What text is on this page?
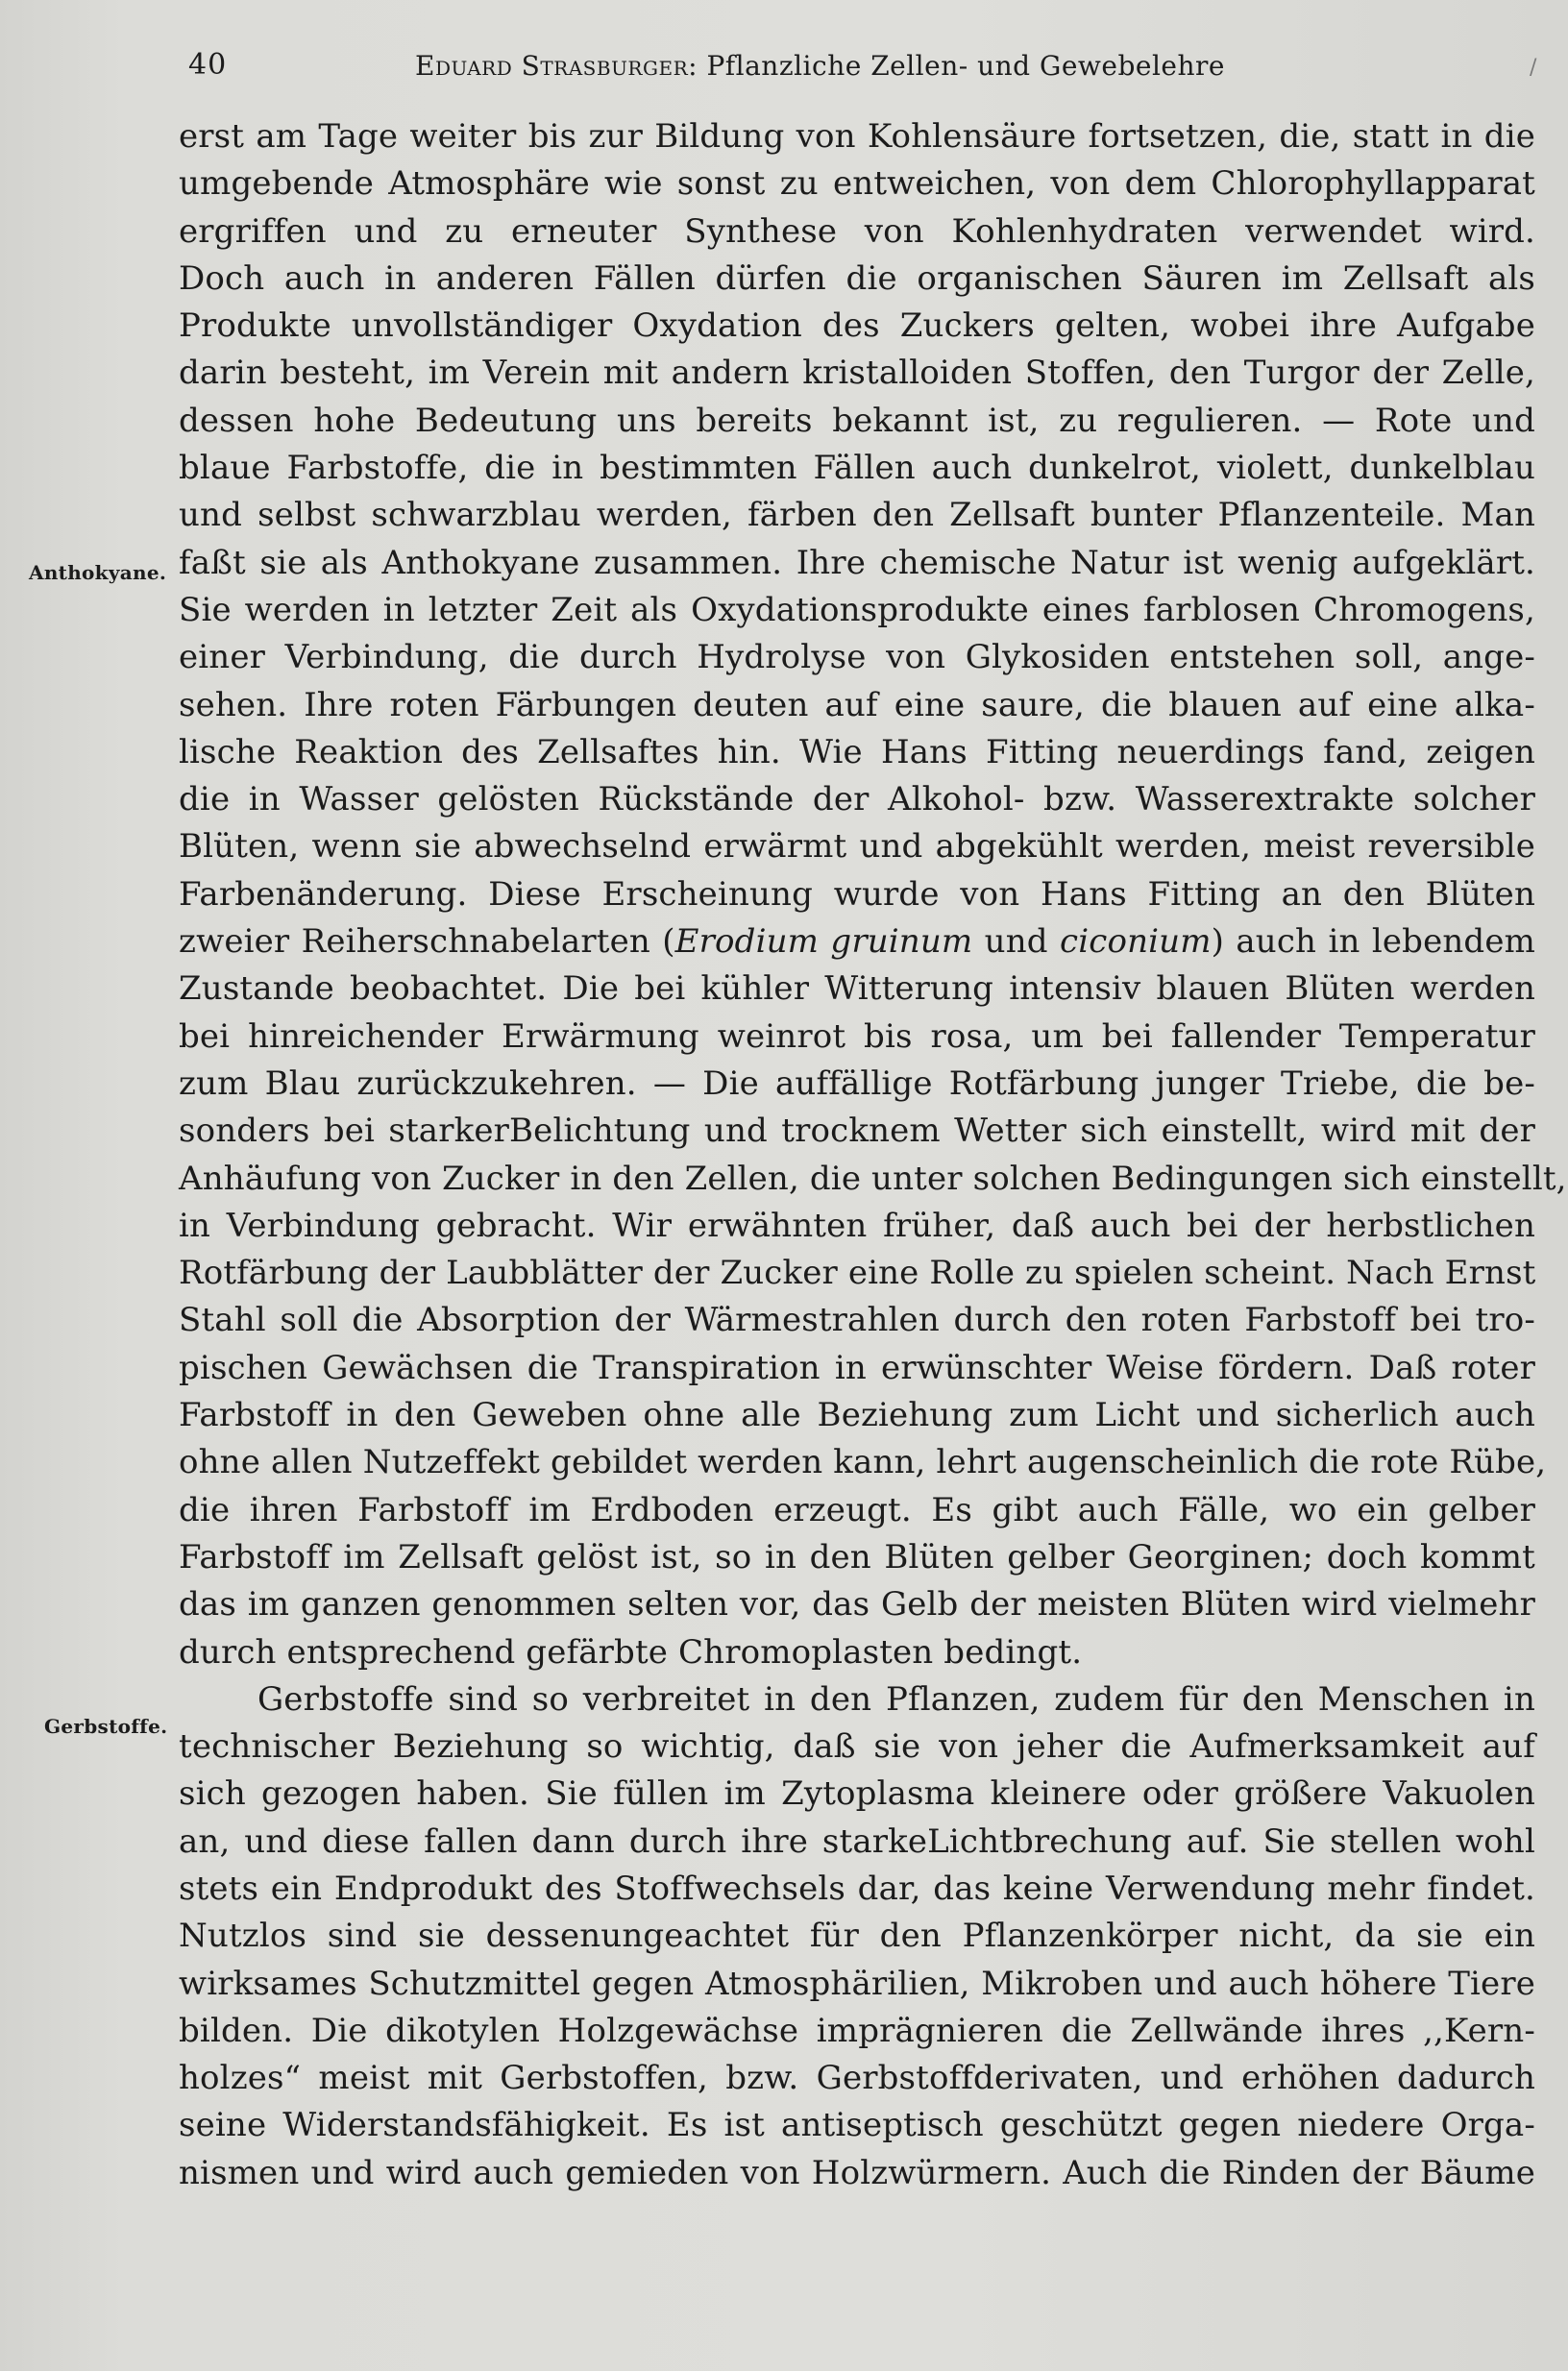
40	Eduard Strasburger: Pflanzliche Zellen- und Gewebelehre	/
Anthokyane.
Gerbstoffe.
erst am Tage weiter bis zur Bildung von Kohlensäure fortsetzen, die, statt in die
umgebende Atmosphäre wie sonst zu entweichen, von dem Chlorophyllapparat
ergriffen und zu erneuter Synthese von Kohlenhydraten verwendet wird.
Doch auch in anderen Fällen dürfen die organischen Säuren im Zellsaft als
Produkte unvollständiger Oxydation des Zuckers gelten, wobei ihre Aufgabe
darin besteht, im Verein mit andern kristalloiden Stoffen, den Turgor der Zelle,
dessen hohe Bedeutung uns bereits bekannt ist, zu regulieren. — Rote und
blaue Farbstoffe, die in bestimmten Fällen auch dunkelrot, violett, dunkelblau
und selbst schwarzblau werden, färben den Zellsaft bunter Pflanzenteile. Man
faßt sie als Anthokyane zusammen. Ihre chemische Natur ist wenig aufgeklärt.
Sie werden in letzter Zeit als Oxydationsprodukte eines farblosen Chromogens,
einer Verbindung, die durch Hydrolyse von Glykosiden entstehen soll, ange-
sehen. Ihre roten Färbungen deuten auf eine saure, die blauen auf eine alka-
lische Reaktion des Zellsaftes hin. Wie Hans Fitting neuerdings fand, zeigen
die in Wasser gelösten Rückstände der Alkohol- bzw. Wasserextrakte solcher
Blüten, wenn sie abwechselnd erwärmt und abgekühlt werden, meist reversible
Farbenänderung. Diese Erscheinung wurde von Hans Fitting an den Blüten
zweier Reiherschnabelarten (Erodium gruinum und ciconium) auch in lebendem
Zustande beobachtet. Die bei kühler Witterung intensiv blauen Blüten werden
bei hinreichender Erwärmung weinrot bis rosa, um bei fallender Temperatur
zum Blau zurückzukehren. — Die auffällige Rotfärbung junger Triebe, die be-
sonders bei starkerBelichtung und trocknem Wetter sich einstellt, wird mit der
Anhäufung von Zucker in den Zellen, die unter solchen Bedingungen sich einstellt,
in Verbindung gebracht. Wir erwähnten früher, daß auch bei der herbstlichen
Rotfärbung der Laubblätter der Zucker eine Rolle zu spielen scheint. Nach Ernst
Stahl soll die Absorption der Wärmestrahlen durch den roten Farbstoff bei tro-
pischen Gewächsen die Transpiration in erwünschter Weise fördern. Daß roter
Farbstoff in den Geweben ohne alle Beziehung zum Licht und sicherlich auch
ohne allen Nutzeffekt gebildet werden kann, lehrt augenscheinlich die rote Rübe,
die ihren Farbstoff im Erdboden erzeugt. Es gibt auch Fälle, wo ein gelber
Farbstoff im Zellsaft gelöst ist, so in den Blüten gelber Georginen; doch kommt
das im ganzen genommen selten vor, das Gelb der meisten Blüten wird vielmehr
durch entsprechend gefärbte Chromoplasten bedingt.
Gerbstoffe sind so verbreitet in den Pflanzen, zudem für den Menschen in
technischer Beziehung so wichtig, daß sie von jeher die Aufmerksamkeit auf
sich gezogen haben. Sie füllen im Zytoplasma kleinere oder größere Vakuolen
an, und diese fallen dann durch ihre starkeLichtbrechung auf. Sie stellen wohl
stets ein Endprodukt des Stoffwechsels dar, das keine Verwendung mehr findet.
Nutzlos sind sie dessenungeachtet für den Pflanzenkörper nicht, da sie ein
wirksames Schutzmittel gegen Atmosphärilien, Mikroben und auch höhere Tiere
bilden. Die dikotylen Holzgewächse imprägnieren die Zellwände ihres ,,Kern-
holzes“ meist mit Gerbstoffen, bzw. Gerbstoffderivaten, und erhöhen dadurch
seine Widerstandsfähigkeit. Es ist antiseptisch geschützt gegen niedere Orga-
nismen und wird auch gemieden von Holzwürmern. Auch die Rinden der Bäume
